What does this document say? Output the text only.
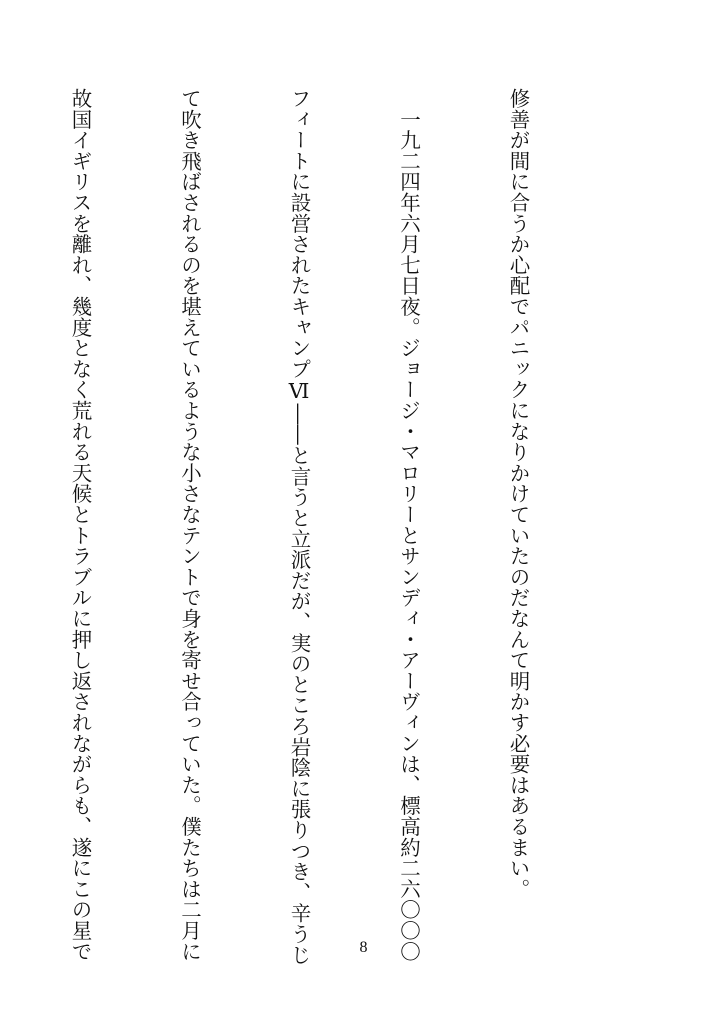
修善が間に合うか心配でパニックになりかけていたのだなんて明かす必要はあるまい。

　一九二四年六月七日夜。ジョージ・マロリーとサンディ・アーヴィンは、標高約二六〇〇〇

フィートに設営されたキャンプⅥ――と言うと立派だが、実のところ岩陰に張りつき、辛うじ

て吹き飛ばされるのを堪えているような小さなテントで身を寄せ合っていた。僕たちは二月に

故国イギリスを離れ、幾度となく荒れる天候とトラブルに押し返されながらも、遂にこの星で

	8
